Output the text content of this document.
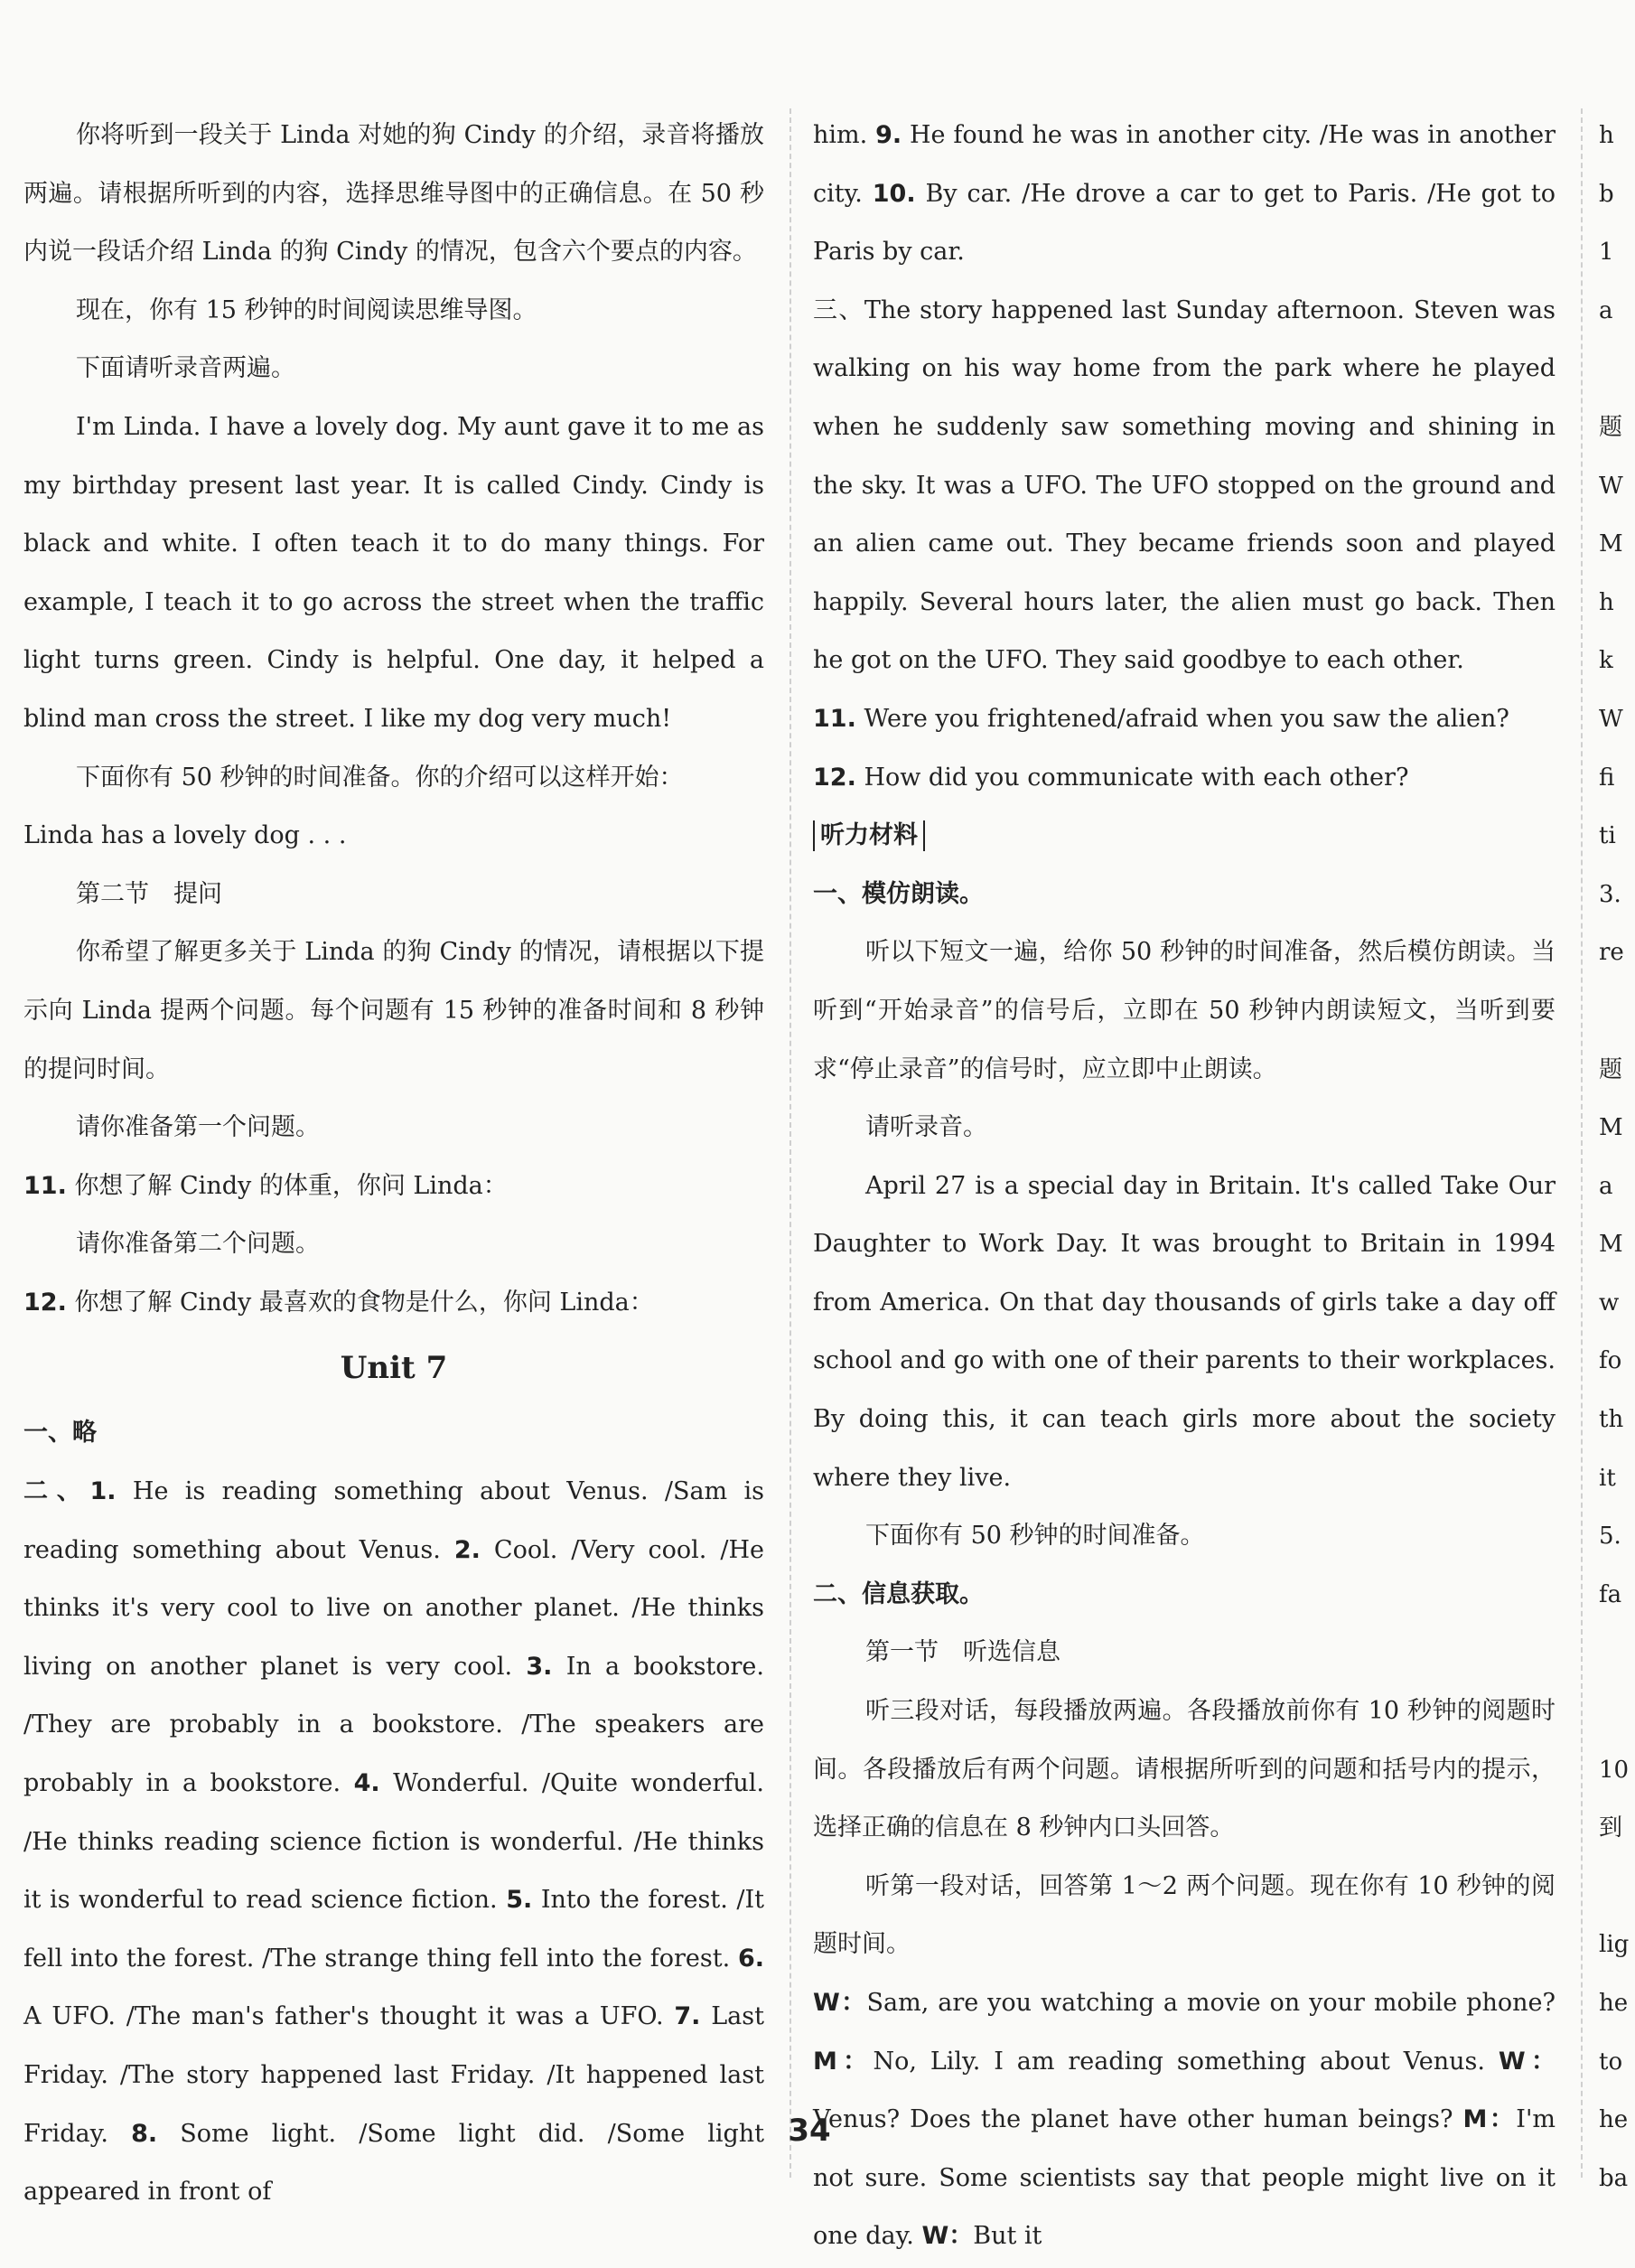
你将听到一段关于 Linda 对她的狗 Cindy 的介绍，录音将播放两遍。请根据所听到的内容，选择思维导图中的正确信息。在 50 秒内说一段话介绍 Linda 的狗 Cindy 的情况，包含六个要点的内容。

现在，你有 15 秒钟的时间阅读思维导图。

下面请听录音两遍。

I'm Linda. I have a lovely dog. My aunt gave it to me as my birthday present last year. It is called Cindy. Cindy is black and white. I often teach it to do many things. For example, I teach it to go across the street when the traffic light turns green. Cindy is helpful. One day, it helped a blind man cross the street. I like my dog very much!

下面你有 50 秒钟的时间准备。你的介绍可以这样开始：

Linda has a lovely dog . . .

第二节　提问

你希望了解更多关于 Linda 的狗 Cindy 的情况，请根据以下提示向 Linda 提两个问题。每个问题有 15 秒钟的准备时间和 8 秒钟的提问时间。

请你准备第一个问题。

11. 你想了解 Cindy 的体重，你问 Linda：

请你准备第二个问题。

12. 你想了解 Cindy 最喜欢的食物是什么，你问 Linda：

Unit 7

一、略

二、1. He is reading something about Venus. /Sam is reading something about Venus. 2. Cool. /Very cool. /He thinks it's very cool to live on another planet. /He thinks living on another planet is very cool. 3. In a bookstore. /They are probably in a bookstore. /The speakers are probably in a bookstore. 4. Wonderful. /Quite wonderful. /He thinks reading science fiction is wonderful. /He thinks it is wonderful to read science fiction. 5. Into the forest. /It fell into the forest. /The strange thing fell into the forest. 6. A UFO. /The man's father's thought it was a UFO. 7. Last Friday. /The story happened last Friday. /It happened last Friday. 8. Some light. /Some light did. /Some light appeared in front of

him. 9. He found he was in another city. /He was in another city. 10. By car. /He drove a car to get to Paris. /He got to Paris by car.

三、The story happened last Sunday afternoon. Steven was walking on his way home from the park where he played when he suddenly saw something moving and shining in the sky. It was a UFO. The UFO stopped on the ground and an alien came out. They became friends soon and played happily. Several hours later, the alien must go back. Then he got on the UFO. They said goodbye to each other.

11. Were you frightened/afraid when you saw the alien?

12. How did you communicate with each other?

听力材料

一、模仿朗读。

听以下短文一遍，给你 50 秒钟的时间准备，然后模仿朗读。当听到“开始录音”的信号后，立即在 50 秒钟内朗读短文，当听到要求“停止录音”的信号时，应立即中止朗读。

请听录音。

April 27 is a special day in Britain. It's called Take Our Daughter to Work Day. It was brought to Britain in 1994 from America. On that day thousands of girls take a day off school and go with one of their parents to their workplaces. By doing this, it can teach girls more about the society where they live.

下面你有 50 秒钟的时间准备。

二、信息获取。

第一节　听选信息

听三段对话，每段播放两遍。各段播放前你有 10 秒钟的阅题时间。各段播放后有两个问题。请根据所听到的问题和括号内的提示，选择正确的信息在 8 秒钟内口头回答。

听第一段对话，回答第 1～2 两个问题。现在你有 10 秒钟的阅题时间。

W：Sam, are you watching a movie on your mobile phone? M：No, Lily. I am reading something about Venus. W：Venus? Does the planet have other human beings? M：I'm not sure. Some scientists say that people might live on it one day. W：But it

h

b

1

a

题

W

M

h

k

W

fi

ti

3.

re

题

M

a

M

w

fo

th

it

5.

fa

10

到

lig

he

to

he

ba

34
